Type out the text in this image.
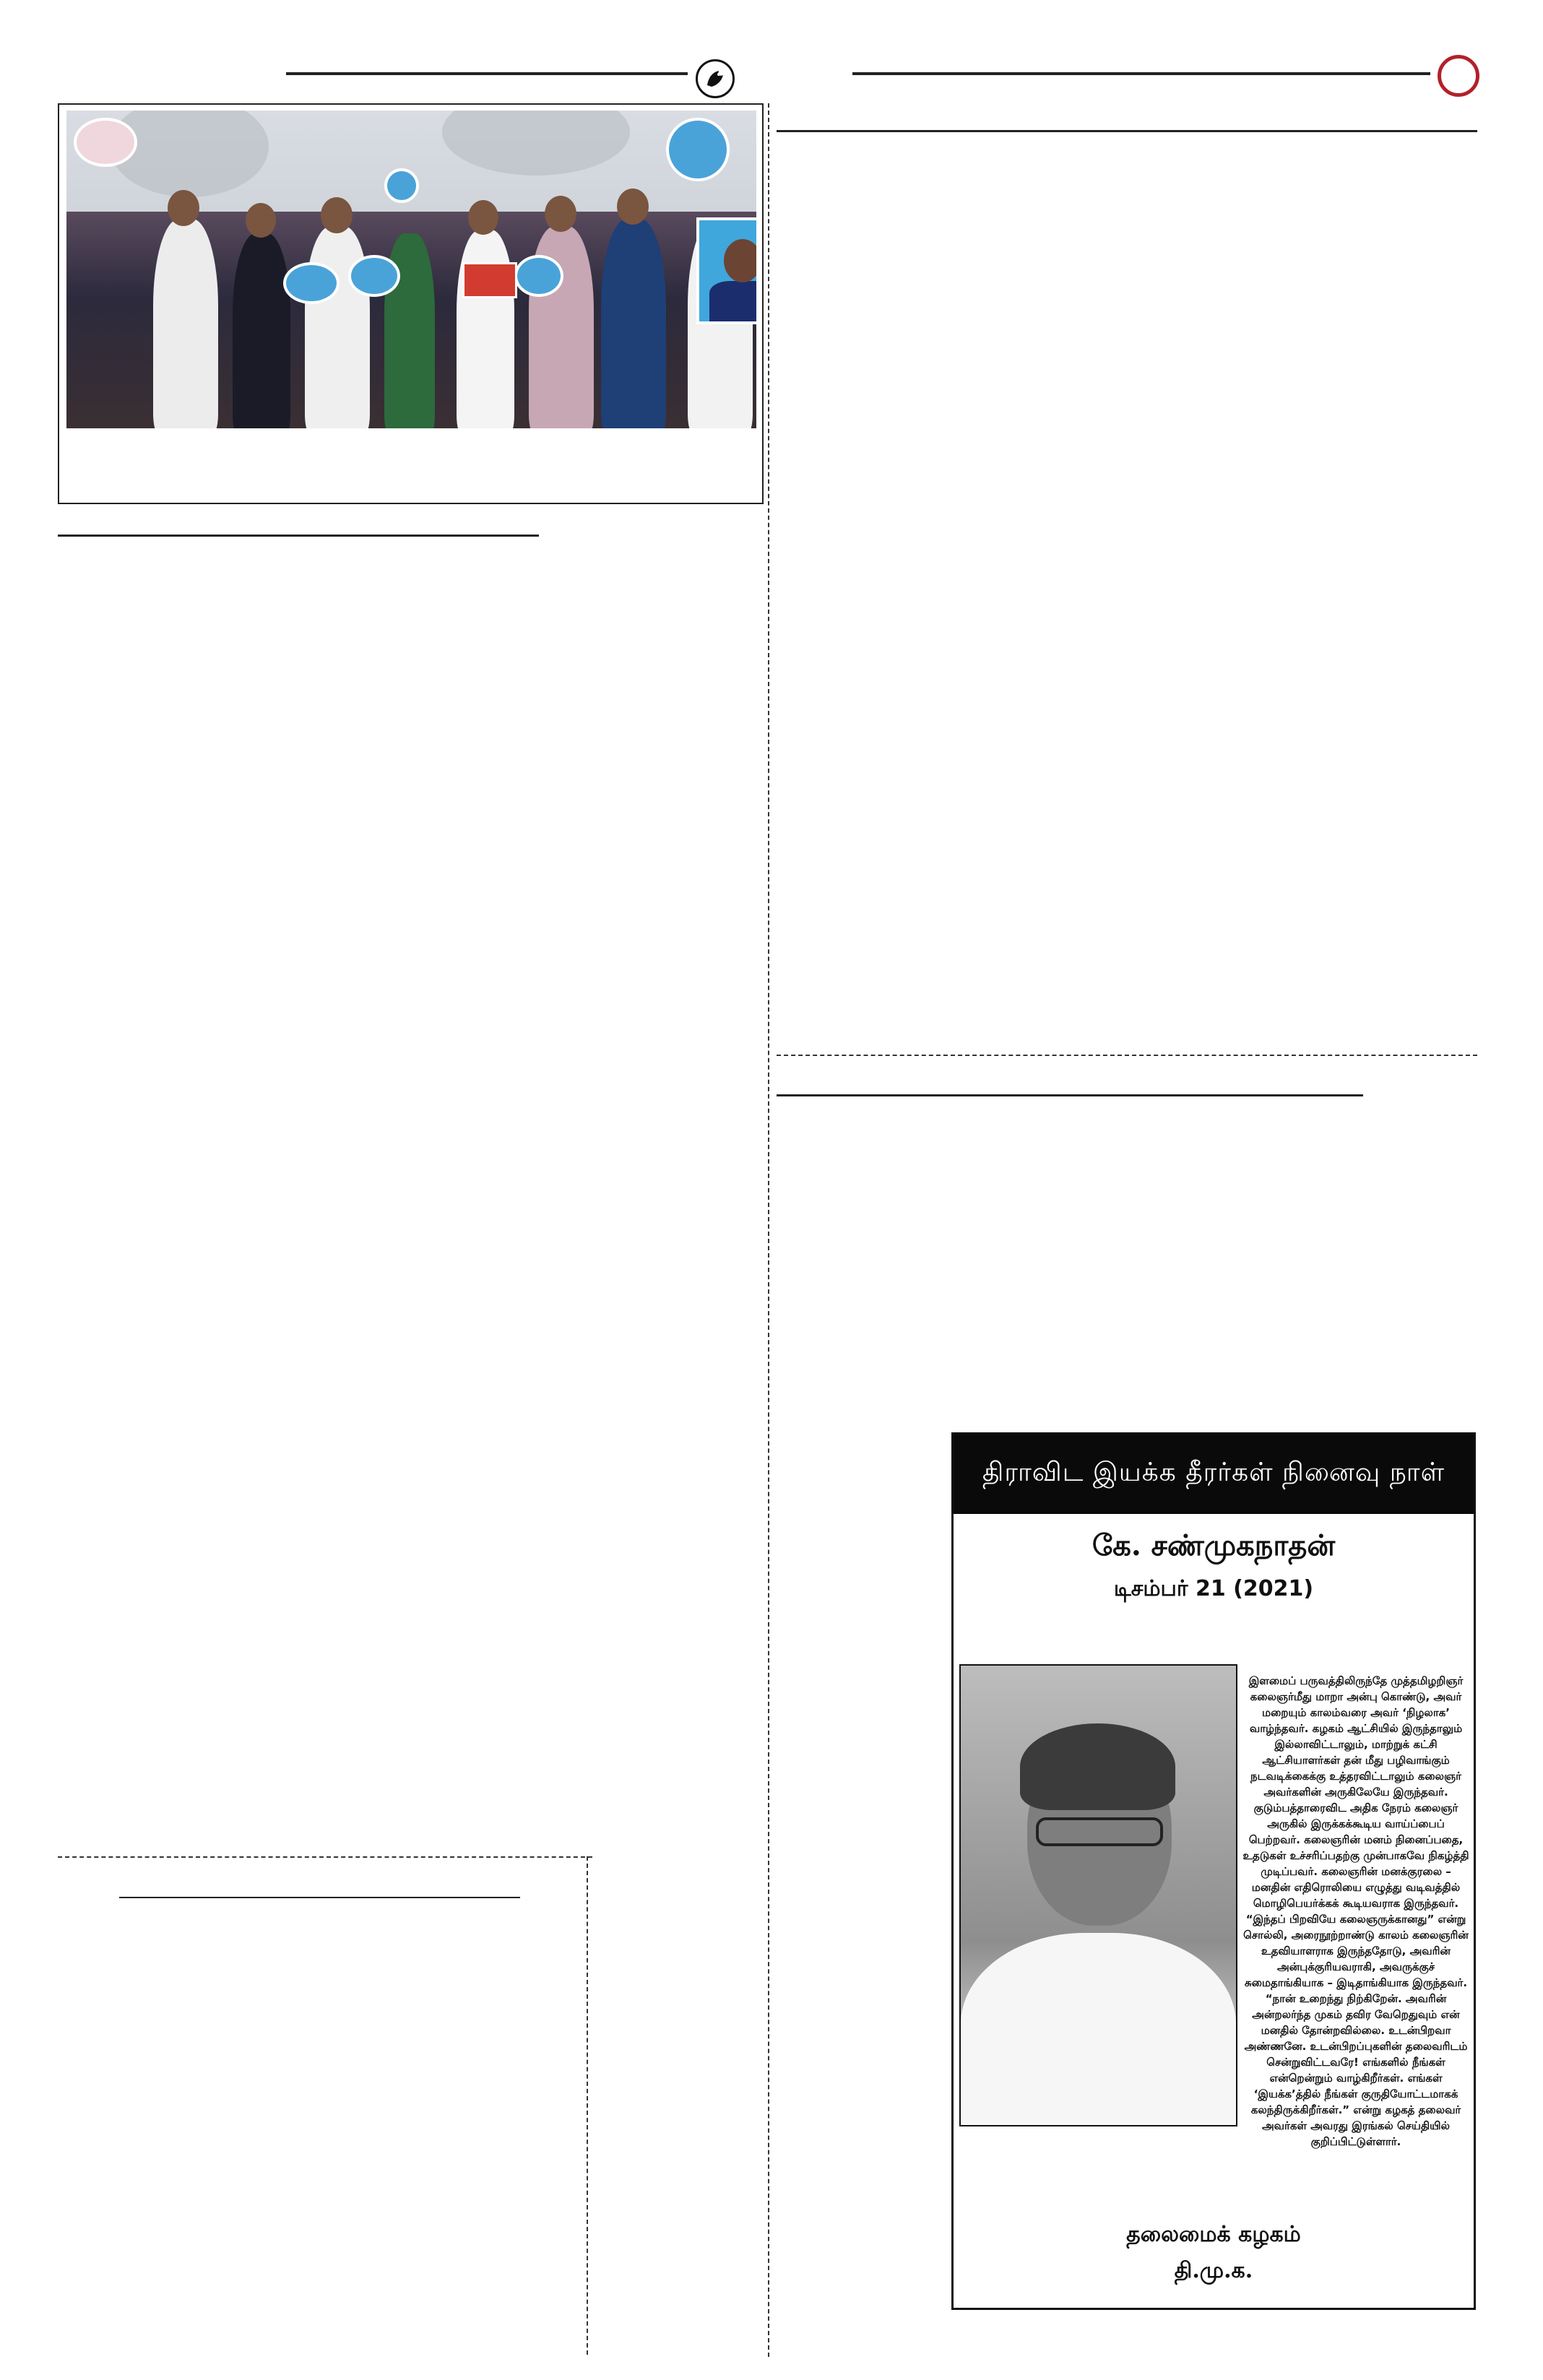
திராவிட இயக்க தீரர்கள் நினைவு நாள்
கே. சண்முகநாதன்
டிசம்பர் 21 (2021)
இளமைப் பருவத்திலிருந்தே முத்தமிழறிஞர் கலைஞர்மீது மாறா அன்பு கொண்டு, அவர் மறையும் காலம்வரை அவர் ‘நிழலாக’ வாழ்ந்தவர். கழகம் ஆட்சியில் இருந்தாலும் இல்லாவிட்டாலும், மாற்றுக் கட்சி ஆட்சியாளர்கள் தன் மீது பழிவாங்கும் நடவடிக்கைக்கு உத்தரவிட்டாலும் கலைஞர் அவர்களின் அருகிலேயே இருந்தவர். குடும்பத்தாரைவிட அதிக நேரம் கலைஞர் அருகில் இருக்கக்கூடிய வாய்ப்பைப் பெற்றவர். கலைஞரின் மனம் நினைப்பதை, உதடுகள் உச்சரிப்பதற்கு முன்பாகவே நிகழ்த்தி முடிப்பவர். கலைஞரின் மனக்குரலை – மனதின் எதிரொலியை எழுத்து வடிவத்தில் மொழிபெயர்க்கக் கூடியவராக இருந்தவர். “இந்தப் பிறவியே கலைஞருக்கானது” என்று சொல்லி, அரைநூற்றாண்டு காலம் கலைஞரின் உதவியாளராக இருந்ததோடு, அவரின் அன்புக்குரியவராகி, அவருக்குச் சுமைதாங்கியாக – இடிதாங்கியாக இருந்தவர். “நான் உறைந்து நிற்கிறேன். அவரின் அன்றலர்ந்த முகம் தவிர வேறெதுவும் என் மனதில் தோன்றவில்லை. உடன்பிறவா அண்ணனே. உடன்பிறப்புகளின் தலைவரிடம் சென்றுவிட்டவரே! எங்களில் நீங்கள் என்றென்றும் வாழ்கிறீர்கள். எங்கள் ‘இயக்க’த்தில் நீங்கள் குருதியோட்டமாகக் கலந்திருக்கிறீர்கள்.” என்று கழகத் தலைவர் அவர்கள் அவரது இரங்கல் செய்தியில் குறிப்பிட்டுள்ளார்.
தலைமைக் கழகம்
தி.மு.க.
